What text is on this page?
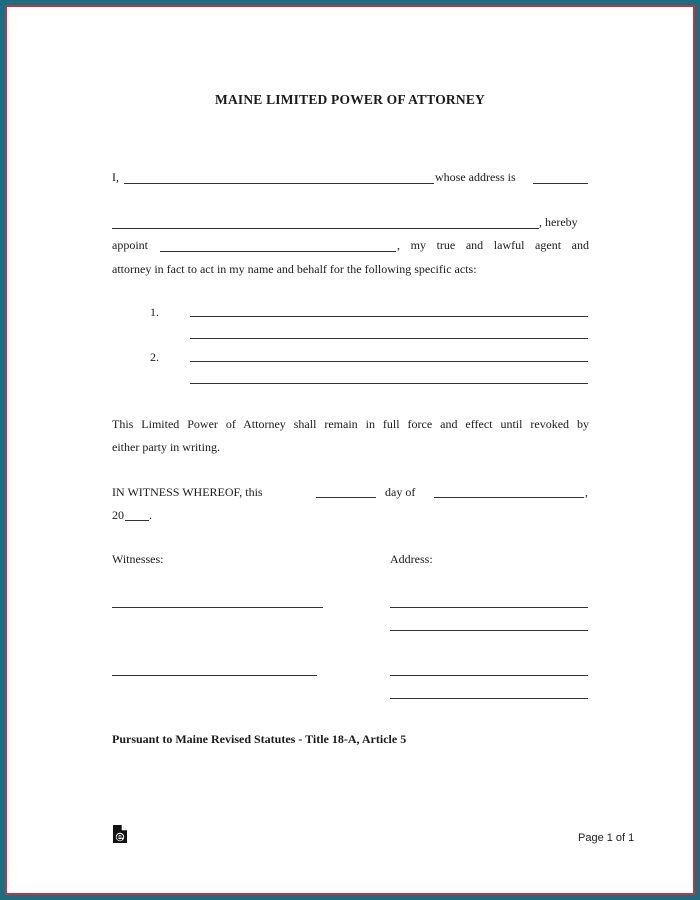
MAINE LIMITED POWER OF ATTORNEY
I,	whose address is
, hereby
appoint	, my true and lawful agent and
attorney in fact to act in my name and behalf for the following specific acts:
1.
2.
This Limited Power of Attorney shall remain in full force and effect until revoked by
either party in writing.
IN WITNESS WHEREOF, this	day of	,
20 .
Witnesses:	Address:
Pursuant to Maine Revised Statutes - Title 18-A, Article 5
Page 1 of 1
